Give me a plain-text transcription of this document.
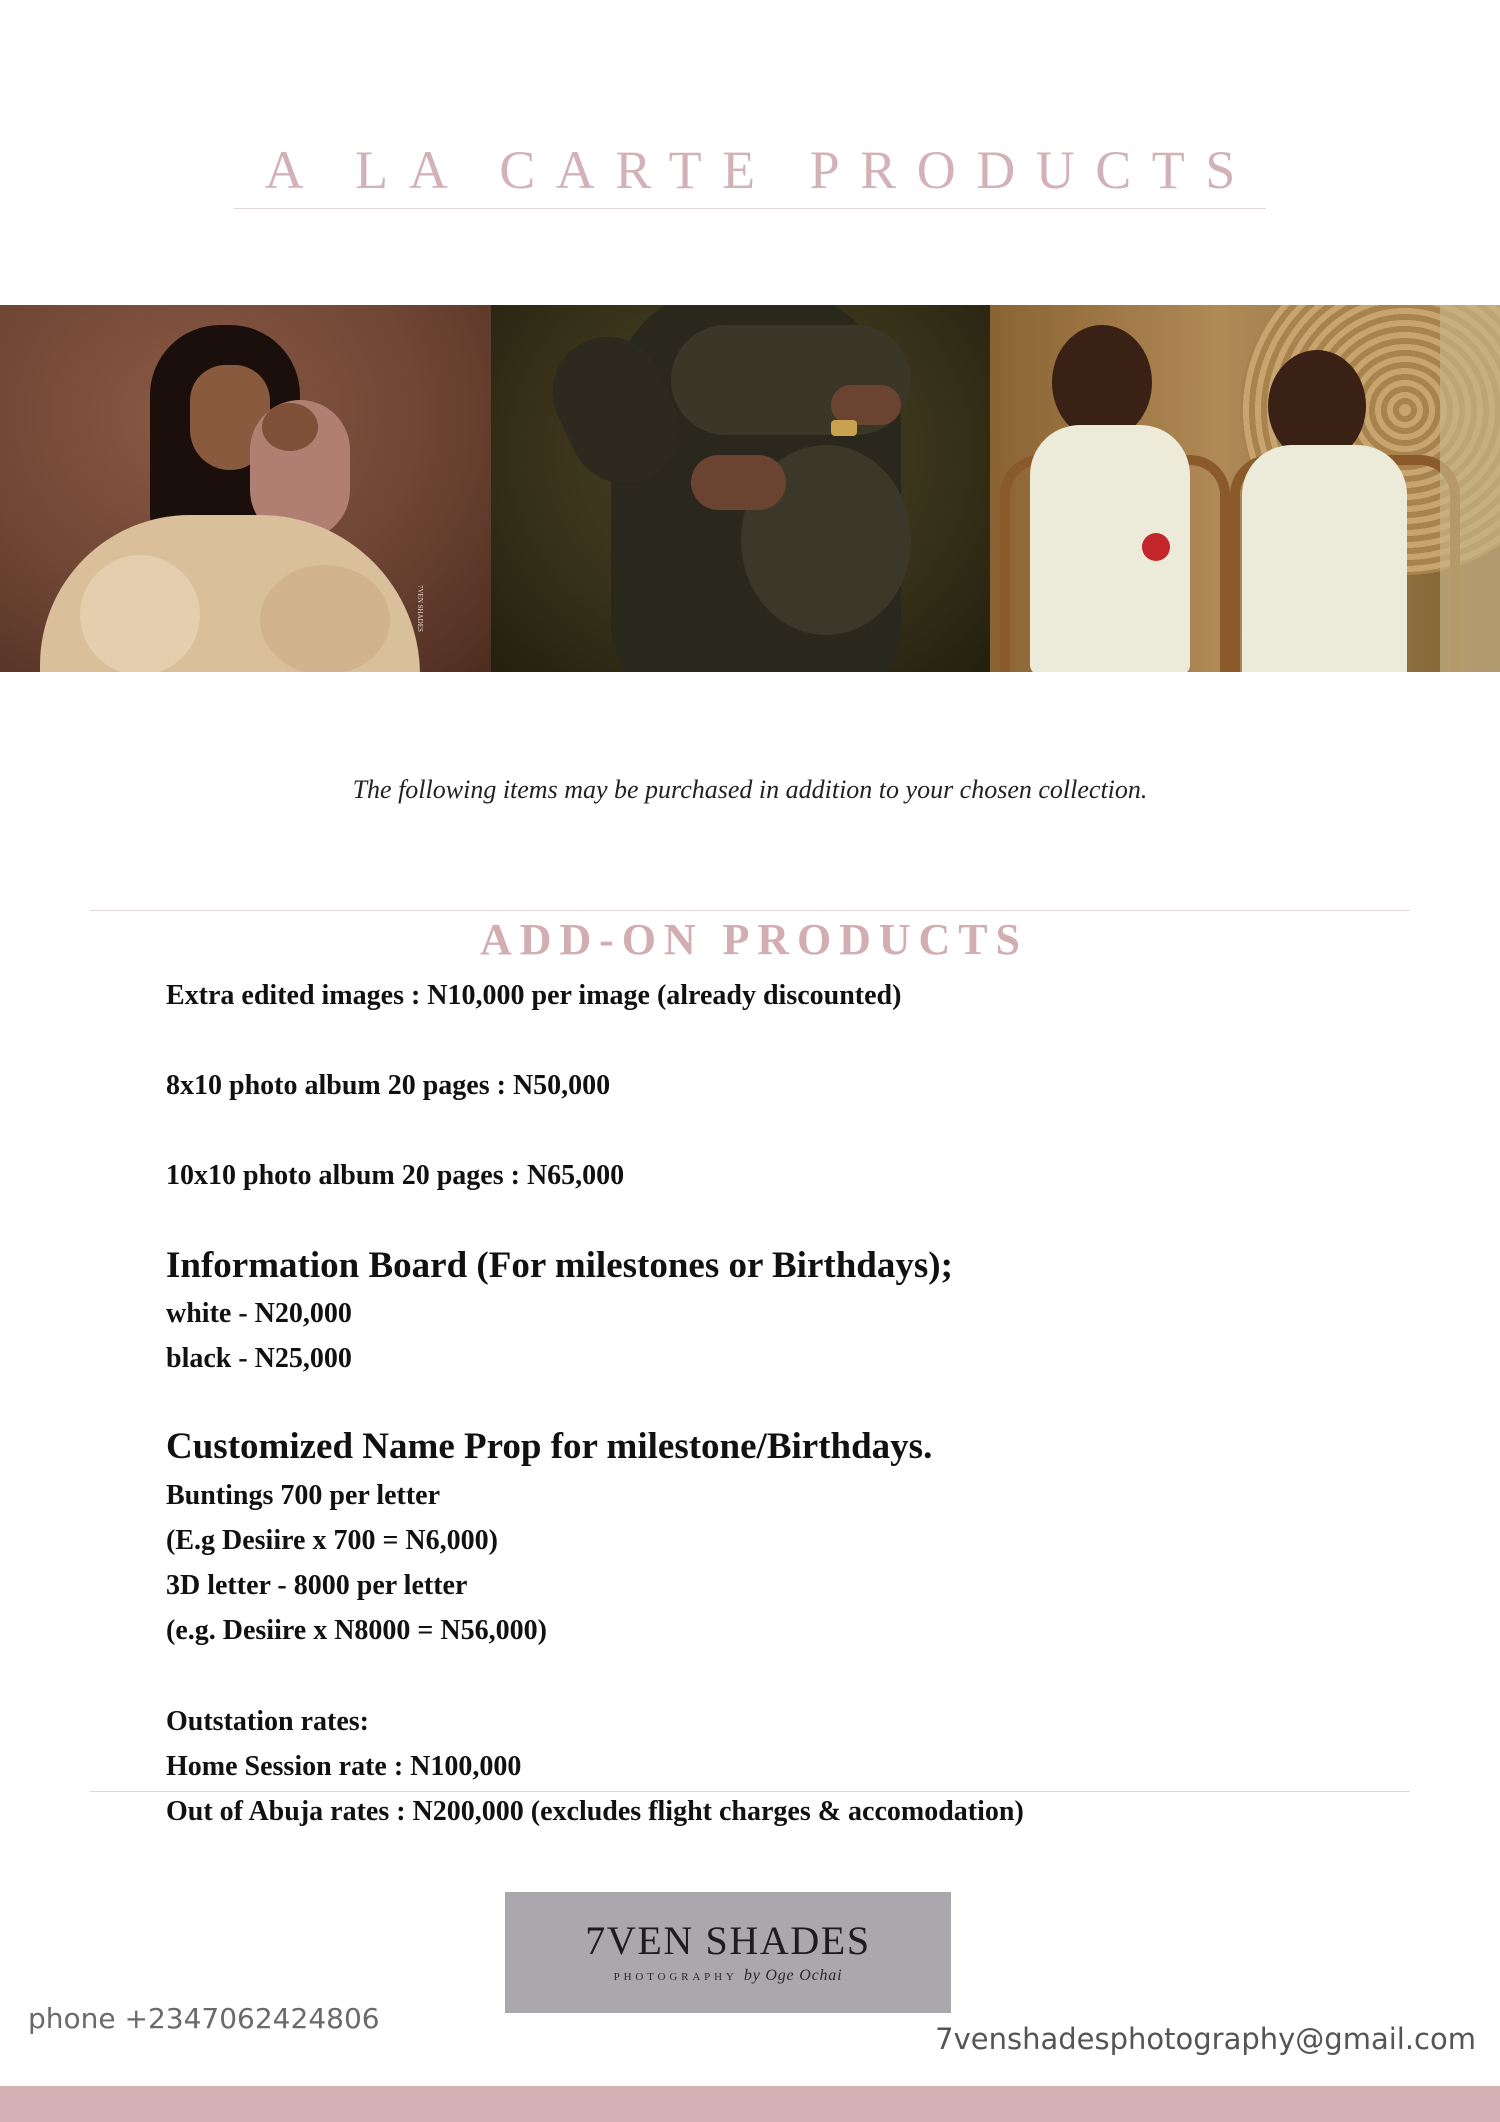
A LA CARTE PRODUCTS
7VEN SHADES
The following items may be purchased in addition to your chosen collection.
ADD-ON PRODUCTS
Extra edited images : N10,000 per image (already discounted)
8x10 photo album 20 pages : N50,000
10x10 photo album 20 pages : N65,000
Information Board (For milestones or Birthdays);
white - N20,000
black - N25,000
Customized Name Prop for milestone/Birthdays.
Buntings 700 per letter
(E.g Desiire x 700 = N6,000)
3D letter - 8000 per letter
(e.g. Desiire x N8000 = N56,000)
Outstation rates:
Home Session rate : N100,000
Out of Abuja rates : N200,000 (excludes flight charges & accomodation)
7VEN SHADES
PHOTOGRAPHY by Oge Ochai
phone +2347062424806
7venshadesphotography@gmail.com
